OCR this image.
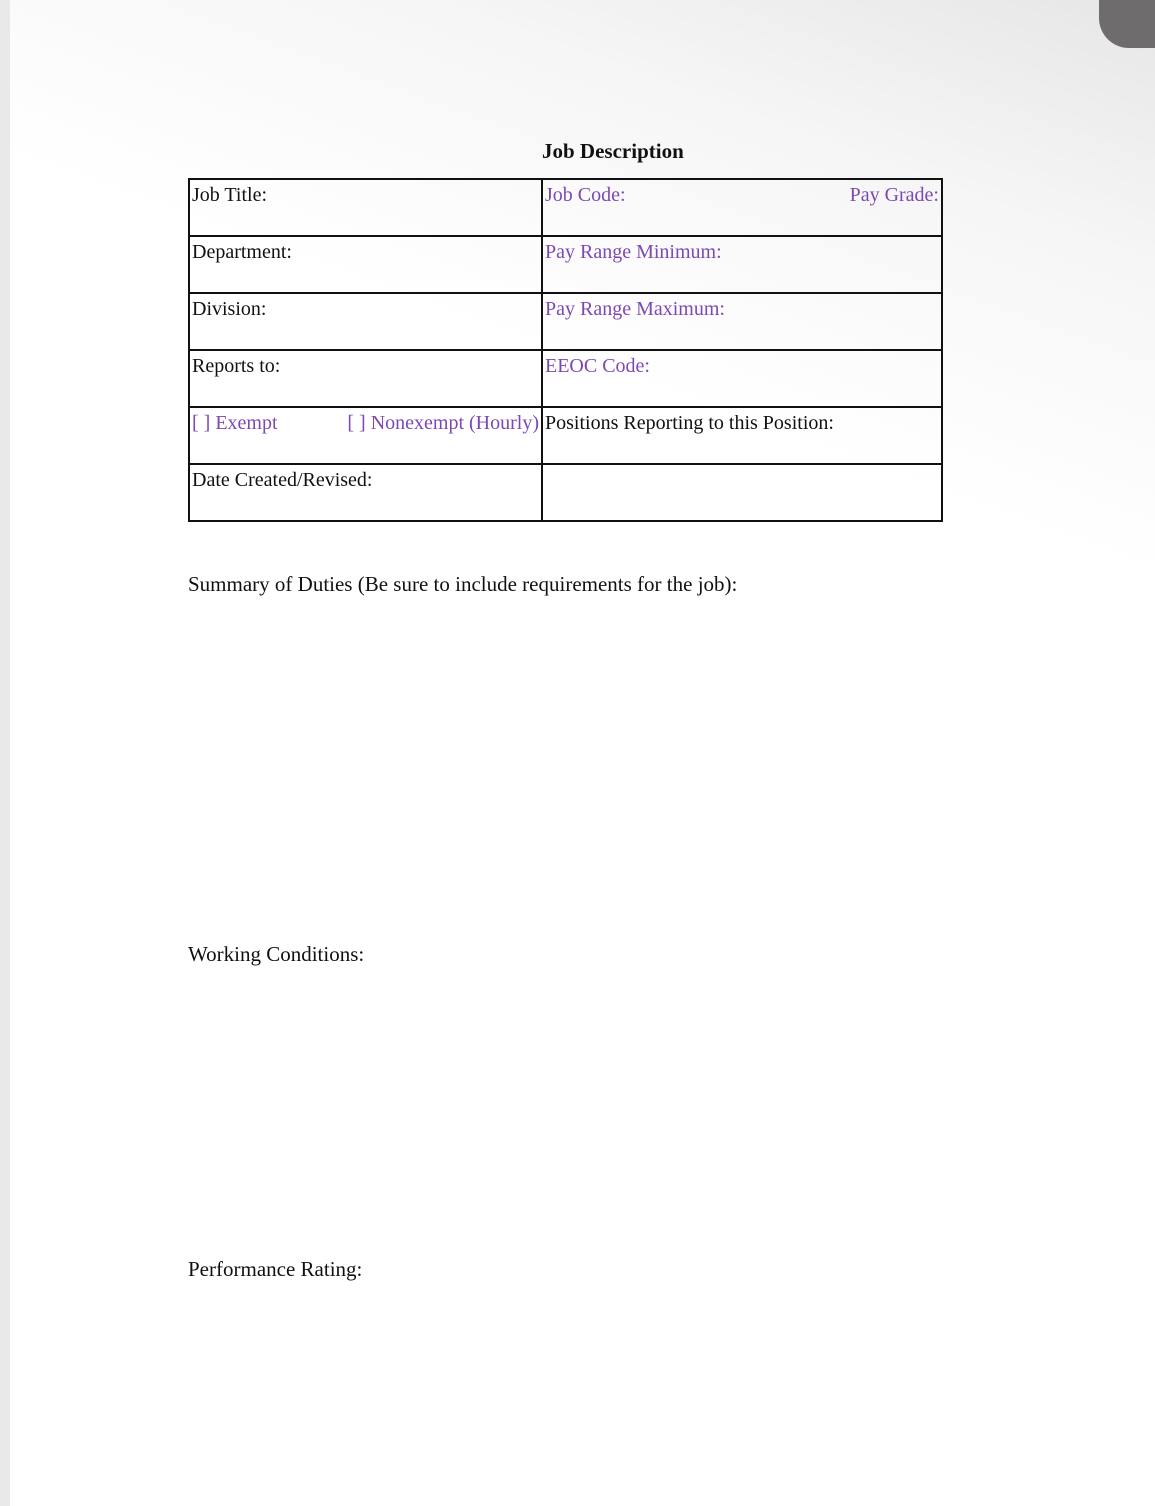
Job Description
Job Title:	Job Code: Pay Grade:

Department:	Pay Range Minimum:
Division:	Pay Range Maximum:
Reports to:	EEOC Code:

[ ] Exempt [ ] Nonexempt (Hourly)	Positions Reporting to this Position:
Date Created/Revised:	

Summary of Duties (Be sure to include requirements for the job):

Working Conditions:

Performance Rating:
